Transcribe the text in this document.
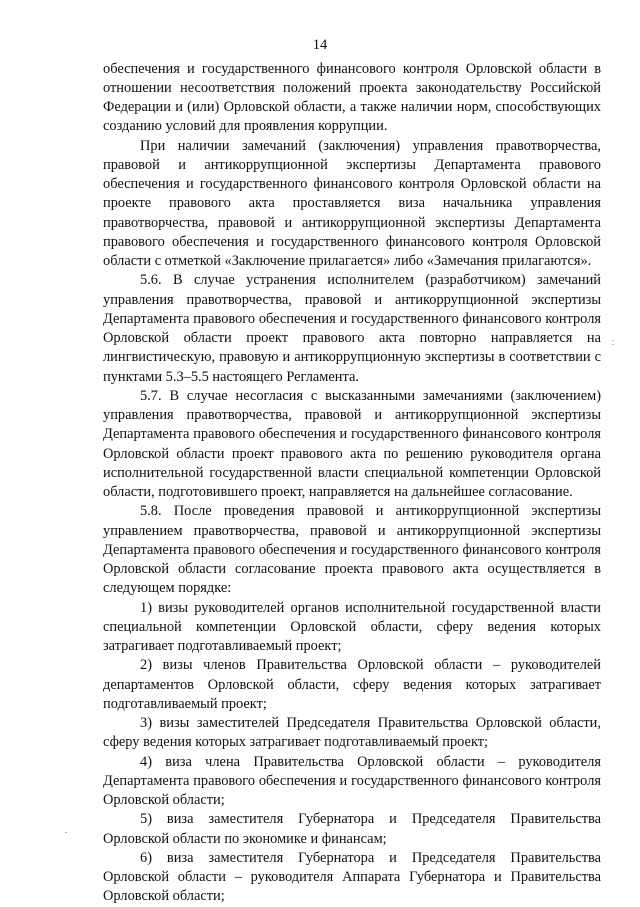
14

обеспечения и государственного финансового контроля Орловской области в отношении несоответствия положений проекта законодательству Российской Федерации и (или) Орловской области, а также наличии норм, способствующих созданию условий для проявления коррупции.

При наличии замечаний (заключения) управления правотворчества, правовой и антикоррупционной экспертизы Департамента правового обеспечения и государственного финансового контроля Орловской области на проекте правового акта проставляется виза начальника управления правотворчества, правовой и антикоррупционной экспертизы Департамента правового обеспечения и государственного финансового контроля Орловской области с отметкой «Заключение прилагается» либо «Замечания прилагаются».

5.6. В случае устранения исполнителем (разработчиком) замечаний управления правотворчества, правовой и антикоррупционной экспертизы Департамента правового обеспечения и государственного финансового контроля Орловской области проект правового акта повторно направляется на лингвистическую, правовую и антикоррупционную экспертизы в соответствии с пунктами 5.3–5.5 настоящего Регламента.

5.7. В случае несогласия с высказанными замечаниями (заключением) управления правотворчества, правовой и антикоррупционной экспертизы Департамента правового обеспечения и государственного финансового контроля Орловской области проект правового акта по решению руководителя органа исполнительной государственной власти специальной компетенции Орловской области, подготовившего проект, направляется на дальнейшее согласование.

5.8. После проведения правовой и антикоррупционной экспертизы управлением правотворчества, правовой и антикоррупционной экспертизы Департамента правового обеспечения и государственного финансового контроля Орловской области согласование проекта правового акта осуществляется в следующем порядке:

1) визы руководителей органов исполнительной государственной власти специальной компетенции Орловской области, сферу ведения которых затрагивает подготавливаемый проект;

2) визы членов Правительства Орловской области – руководителей департаментов Орловской области, сферу ведения которых затрагивает подготавливаемый проект;

3) визы заместителей Председателя Правительства Орловской области, сферу ведения которых затрагивает подготавливаемый проект;

4) виза члена Правительства Орловской области – руководителя Департамента правового обеспечения и государственного финансового контроля Орловской области;

5) виза заместителя Губернатора и Председателя Правительства Орловской области по экономике и финансам;

6) виза заместителя Губернатора и Председателя Правительства Орловской области – руководителя Аппарата Губернатора и Правительства Орловской области;
